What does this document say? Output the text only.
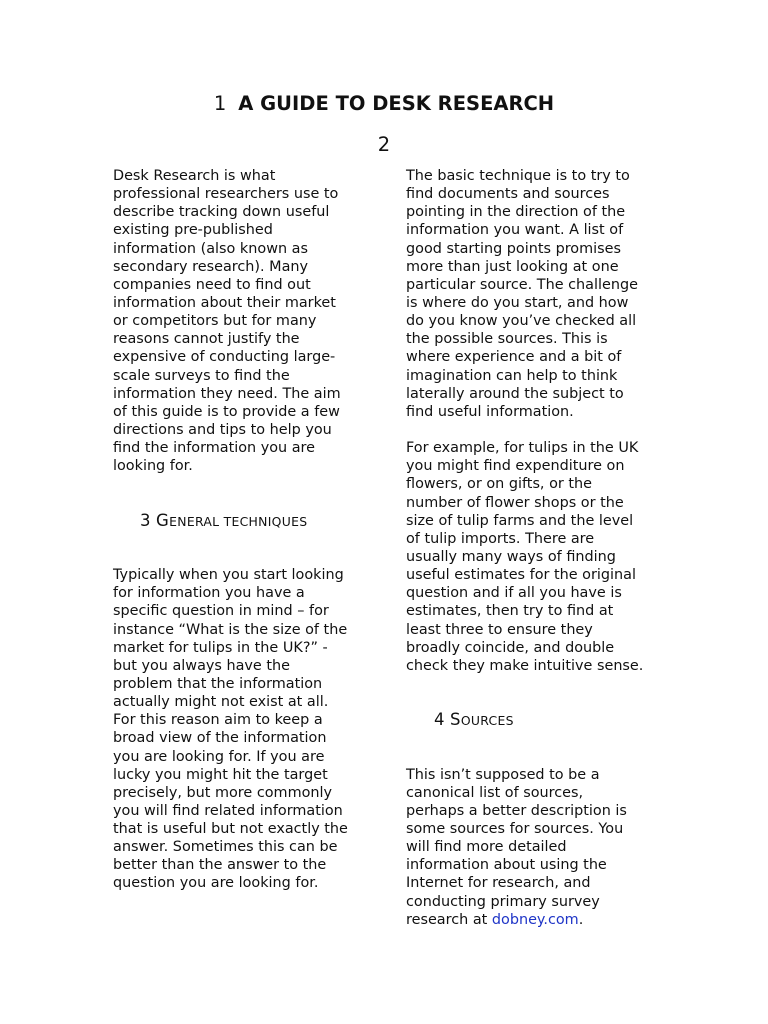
1 A GUIDE TO DESK RESEARCH
2
Desk Research is what
professional researchers use to
describe tracking down useful
existing pre-published
information (also known as
secondary research). Many
companies need to find out
information about their market
or competitors but for many
reasons cannot justify the
expensive of conducting large-
scale surveys to find the
information they need. The aim
of this guide is to provide a few
directions and tips to help you
find the information you are
looking for.
3 GENERAL TECHNIQUES
Typically when you start looking
for information you have a
specific question in mind – for
instance “What is the size of the
market for tulips in the UK?” -
but you always have the
problem that the information
actually might not exist at all.
For this reason aim to keep a
broad view of the information
you are looking for. If you are
lucky you might hit the target
precisely, but more commonly
you will find related information
that is useful but not exactly the
answer. Sometimes this can be
better than the answer to the
question you are looking for.
The basic technique is to try to
find documents and sources
pointing in the direction of the
information you want. A list of
good starting points promises
more than just looking at one
particular source. The challenge
is where do you start, and how
do you know you’ve checked all
the possible sources. This is
where experience and a bit of
imagination can help to think
laterally around the subject to
find useful information.
For example, for tulips in the UK
you might find expenditure on
flowers, or on gifts, or the
number of flower shops or the
size of tulip farms and the level
of tulip imports. There are
usually many ways of finding
useful estimates for the original
question and if all you have is
estimates, then try to find at
least three to ensure they
broadly coincide, and double
check they make intuitive sense.
4 SOURCES
This isn’t supposed to be a
canonical list of sources,
perhaps a better description is
some sources for sources. You
will find more detailed
information about using the
Internet for research, and
conducting primary survey
research at dobney.com.
